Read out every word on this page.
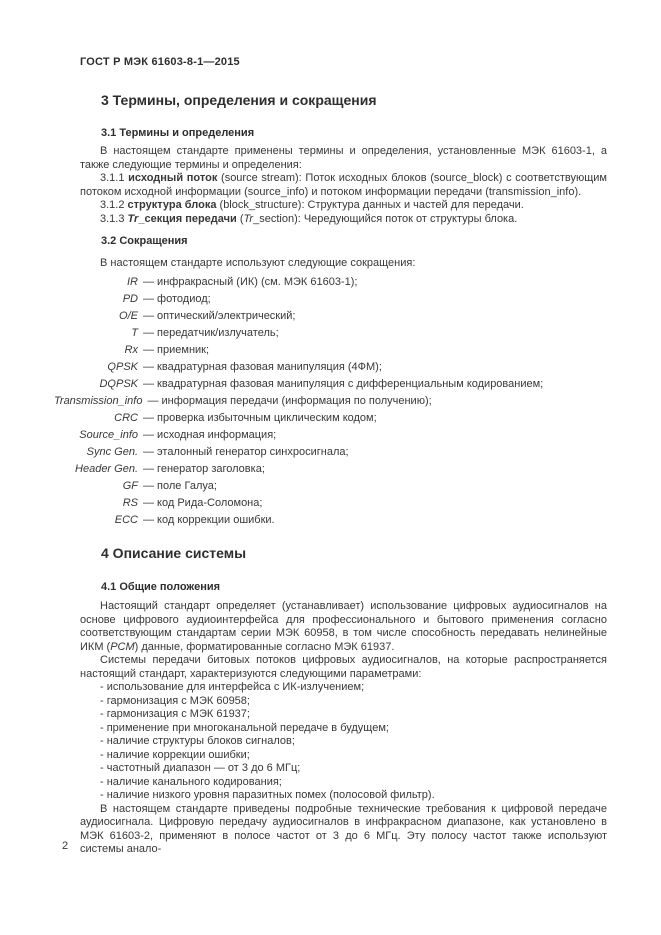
ГОСТ Р МЭК 61603-8-1—2015
3 Термины, определения и сокращения
3.1 Термины и определения

В настоящем стандарте применены термины и определения, установленные МЭК 61603-1, а также следующие термины и определения:

3.1.1 исходный поток (source stream): Поток исходных блоков (source_block) с соответствующим потоком исходной информации (source_info) и потоком информации передачи (transmission_info).

3.1.2 структура блока (block_structure): Структура данных и частей для передачи.

3.1.3 Tr_секция передачи (Tr_section): Чередующийся поток от структуры блока.

3.2 Сокращения

В настоящем стандарте используют следующие сокращения:

IR — инфракрасный (ИК) (см. МЭК 61603-1);
PD — фотодиод;
O/E — оптический/электрический;
T — передатчик/излучатель;
Rx — приемник;
QPSK — квадратурная фазовая манипуляция (4ФМ);
DQPSK — квадратурная фазовая манипуляция с дифференциальным кодированием;
Transmission_info — информация передачи (информация по получению);
CRC — проверка избыточным циклическим кодом;
Source_info — исходная информация;
Sync Gen. — эталонный генератор синхросигнала;
Header Gen. — генератор заголовка;
GF — поле Галуа;
RS — код Рида-Соломона;
ECC — код коррекции ошибки.
4 Описание системы
4.1 Общие положения

Настоящий стандарт определяет (устанавливает) использование цифровых аудиосигналов на основе цифрового аудиоинтерфейса для профессионального и бытового применения согласно соответствующим стандартам серии МЭК 60958, в том числе способность передавать нелинейные ИКМ (PCM) данные, форматированные согласно МЭК 61937.

Системы передачи битовых потоков цифровых аудиосигналов, на которые распространяется настоящий стандарт, характеризуются следующими параметрами:

- использование для интерфейса с ИК-излучением;
- гармонизация с МЭК 60958;
- гармонизация с МЭК 61937;
- применение при многоканальной передаче в будущем;
- наличие структуры блоков сигналов;
- наличие коррекции ошибки;
- частотный диапазон — от 3 до 6 МГц;
- наличие канального кодирования;
- наличие низкого уровня паразитных помех (полосовой фильтр).

В настоящем стандарте приведены подробные технические требования к цифровой передаче аудиосигнала. Цифровую передачу аудиосигналов в инфракрасном диапазоне, как установлено в МЭК 61603-2, применяют в полосе частот от 3 до 6 МГц. Эту полосу частот также используют системы анало-

2
